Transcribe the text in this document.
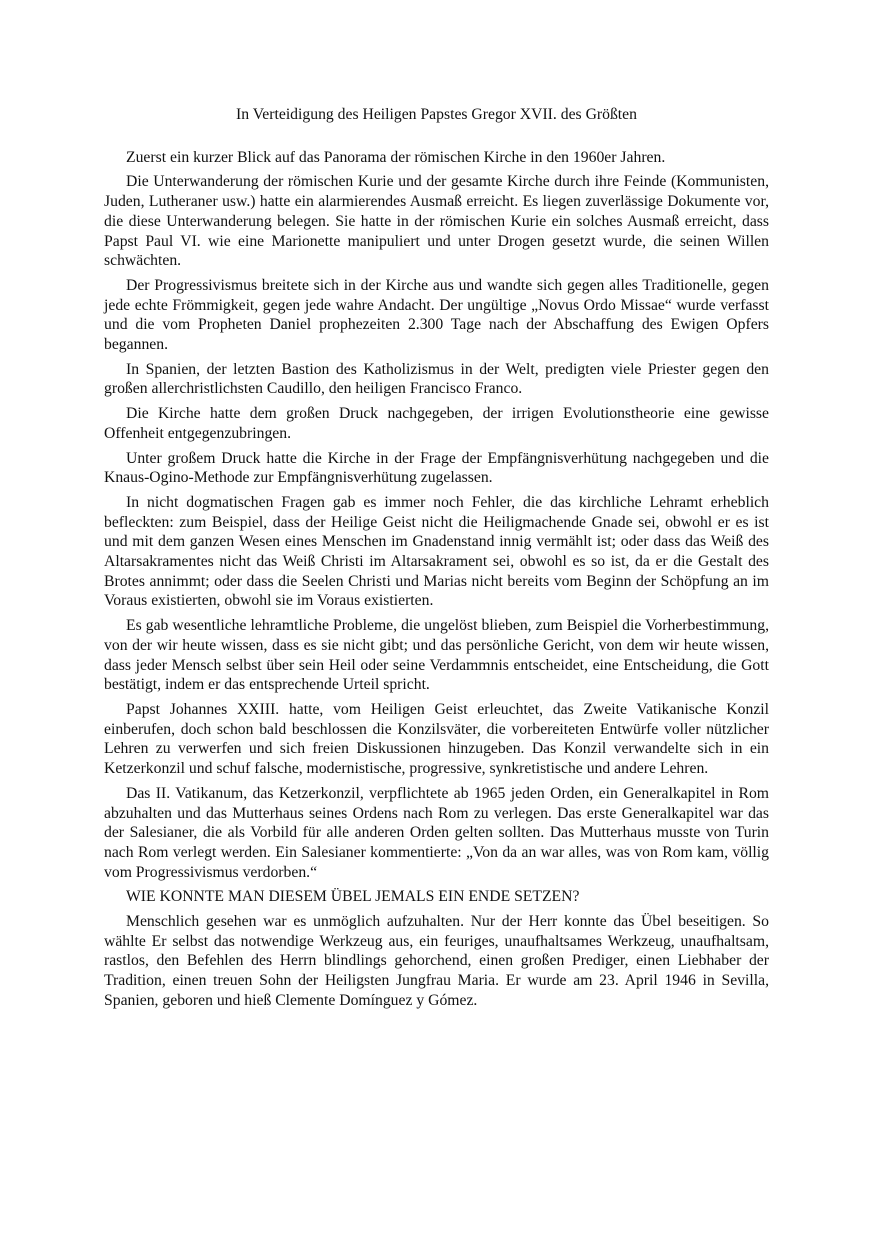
In Verteidigung des Heiligen Papstes Gregor XVII. des Größten

Zuerst ein kurzer Blick auf das Panorama der römischen Kirche in den 1960er Jahren.

Die Unterwanderung der römischen Kurie und der gesamte Kirche durch ihre Feinde (Kommunisten, Juden, Lutheraner usw.) hatte ein alarmierendes Ausmaß erreicht. Es liegen zuverlässige Dokumente vor, die diese Unterwanderung belegen. Sie hatte in der römischen Kurie ein solches Ausmaß erreicht, dass Papst Paul VI. wie eine Marionette manipuliert und unter Drogen gesetzt wurde, die seinen Willen schwächten.

Der Progressivismus breitete sich in der Kirche aus und wandte sich gegen alles Traditionelle, gegen jede echte Frömmigkeit, gegen jede wahre Andacht. Der ungültige „Novus Ordo Missae“ wurde verfasst und die vom Propheten Daniel prophezeiten 2.300 Tage nach der Abschaffung des Ewigen Opfers begannen.

In Spanien, der letzten Bastion des Katholizismus in der Welt, predigten viele Priester gegen den großen allerchristlichsten Caudillo, den heiligen Francisco Franco.

Die Kirche hatte dem großen Druck nachgegeben, der irrigen Evolutionstheorie eine gewisse Offenheit entgegenzubringen.

Unter großem Druck hatte die Kirche in der Frage der Empfängnisverhütung nachgegeben und die Knaus-Ogino-Methode zur Empfängnisverhütung zugelassen.

In nicht dogmatischen Fragen gab es immer noch Fehler, die das kirchliche Lehramt erheblich befleckten: zum Beispiel, dass der Heilige Geist nicht die Heiligmachende Gnade sei, obwohl er es ist und mit dem ganzen Wesen eines Menschen im Gnadenstand innig vermählt ist; oder dass das Weiß des Altarsakramentes nicht das Weiß Christi im Altarsakrament sei, obwohl es so ist, da er die Gestalt des Brotes annimmt; oder dass die Seelen Christi und Marias nicht bereits vom Beginn der Schöpfung an im Voraus existierten, obwohl sie im Voraus existierten.

Es gab wesentliche lehramtliche Probleme, die ungelöst blieben, zum Beispiel die Vorherbestimmung, von der wir heute wissen, dass es sie nicht gibt; und das persönliche Gericht, von dem wir heute wissen, dass jeder Mensch selbst über sein Heil oder seine Verdammnis entscheidet, eine Entscheidung, die Gott bestätigt, indem er das entsprechende Urteil spricht.

Papst Johannes XXIII. hatte, vom Heiligen Geist erleuchtet, das Zweite Vatikanische Konzil einberufen, doch schon bald beschlossen die Konzilsväter, die vorbereiteten Entwürfe voller nützlicher Lehren zu verwerfen und sich freien Diskussionen hinzugeben. Das Konzil verwandelte sich in ein Ketzerkonzil und schuf falsche, modernistische, progressive, synkretistische und andere Lehren.

Das II. Vatikanum, das Ketzerkonzil, verpflichtete ab 1965 jeden Orden, ein Generalkapitel in Rom abzuhalten und das Mutterhaus seines Ordens nach Rom zu verlegen. Das erste Generalkapitel war das der Salesianer, die als Vorbild für alle anderen Orden gelten sollten. Das Mutterhaus musste von Turin nach Rom verlegt werden. Ein Salesianer kommentierte: „Von da an war alles, was von Rom kam, völlig vom Progressivismus verdorben.“

WIE KONNTE MAN DIESEM ÜBEL JEMALS EIN ENDE SETZEN?

Menschlich gesehen war es unmöglich aufzuhalten. Nur der Herr konnte das Übel beseitigen. So wählte Er selbst das notwendige Werkzeug aus, ein feuriges, unaufhaltsames Werkzeug, unaufhaltsam, rastlos, den Befehlen des Herrn blindlings gehorchend, einen großen Prediger, einen Liebhaber der Tradition, einen treuen Sohn der Heiligsten Jungfrau Maria. Er wurde am 23. April 1946 in Sevilla, Spanien, geboren und hieß Clemente Domínguez y Gómez.
